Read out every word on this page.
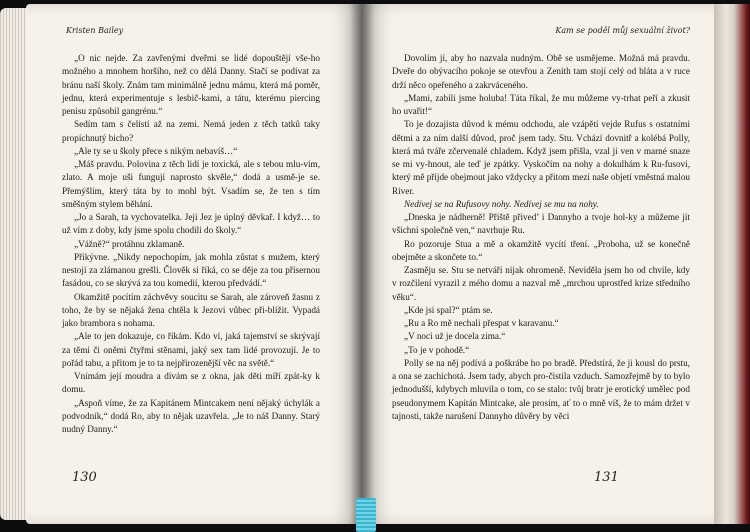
Kristen Bailey

„O nic nejde. Za zavřenými dveřmi se lidé dopouštějí vše-ho možného a mnohem horšího, než co dělá Danny. Stačí se podívat za bránu naší školy. Znám tam minimálně jednu mámu, která má poměr, jednu, která experimentuje s lesbič-kami, a tátu, kterému piercing penisu způsobil gangrénu.“

Sedím tam s čelistí až na zemi. Nemá jeden z těch tatků taky propíchnutý bicho?

„Ale ty se u školy přece s nikým nebavíš…“

„Máš pravdu. Polovina z těch lidí je toxická, ale s tebou mlu-vím, zlato. A moje uši fungují naprosto skvěle,“ dodá a usmě-je se. Přemýšlím, který táta by to mohl být. Vsadím se, že ten s tím směšným stylem běhání.

„Jo a Sarah, ta vychovatelka. Její Jez je úplný děvkař. I když… to už vím z doby, kdy jsme spolu chodili do školy.“

„Vážně?“ protáhnu zklamaně.

Přikývne. „Nikdy nepochopím, jak mohla zůstat s mužem, který nestojí za zlámanou grešli. Člověk si říká, co se děje za tou přísernou fasádou, co se skrývá za tou komedií, kterou předvádí.“

Okamžitě pocítím záchvěvy soucitu se Sarah, ale zároveň žasnu z toho, že by se nějaká žena chtěla k Jezovi vůbec při-blížit. Vypadá jako brambora s nohama.

„Ale to jen dokazuje, co říkám. Kdo ví, jaká tajemství se skrývají za těmi či oněmi čtyřmi stěnami, jaký sex tam lidé provozují. Je to pořád tabu, a přitom je to ta nejpřirozenější věc na světě.“

Vnímám její moudra a dívám se z okna, jak děti míří zpát-ky k domu.

„Aspoň víme, že za Kapitánem Mintcakem není nějaký úchylák a podvodník,“ dodá Ro, aby to nějak uzavřela. „Je to náš Danny. Starý nudný Danny.“

130
Kam se poděl můj sexuální život?

Dovolím jí, aby ho nazvala nudným. Obě se usmějeme. Možná má pravdu. Dveře do obývacího pokoje se otevřou a Zenith tam stojí celý od bláta a v ruce drží něco opeřeného a zakrváceného.

„Mami, zabili jsme holuba! Táta říkal, že mu můžeme vy-trhat peří a zkusit ho uvařit!“

To je dozajista důvod k mému odchodu, ale vzápětí vejde Rufus s ostatními dětmi a za ním další důvod, proč jsem tady. Stu. Vchází dovnitř a kolébá Polly, která má tváře zčervenalé chladem. Když jsem přišla, vzal ji ven v marné snaze se mi vy-hnout, ale teď je zpátky. Vyskočím na nohy a dokulhám k Ru-fusovi, který mě přijde obejmout jako vždycky a přitom mezi naše objetí vměstná malou River.

Nedívej se na Rufusovy nohy. Nedívej se mu na nohy.

„Dneska je nádherně! Přiště přived’ i Dannyho a tvoje hol-ky a můžeme jít všichni společně ven,“ navrhuje Ru.

Ro pozoruje Stua a mě a okamžitě vycítí tření. „Proboha, už se konečně obejměte a skončete to.“

Zasměju se. Stu se netváří nijak ohromeně. Neviděla jsem ho od chvíle, kdy v rozčilení vyrazil z mého domu a nazval mě „mrchou uprostřed krize středního věku“.

„Kde jsi spal?“ ptám se.

„Ru a Ro mě nechali přespat v karavanu.“

„V noci už je docela zima.“

„To je v pohodě.“

Polly se na něj podívá a poškrábe ho po bradě. Předstírá, že ji kousl do prstu, a ona se zachichotá. Jsem tady, abych pro-čistila vzduch. Samozřejmě by to bylo jednodušší, kdybych mluvila o tom, co se stalo: tvůj bratr je erotický umělec pod pseudonymem Kapitán Mintcake, ale prosím, ať to o mně víš, že to mám držet v tajnosti, takže narušení Dannyho důvěry by věci

131
